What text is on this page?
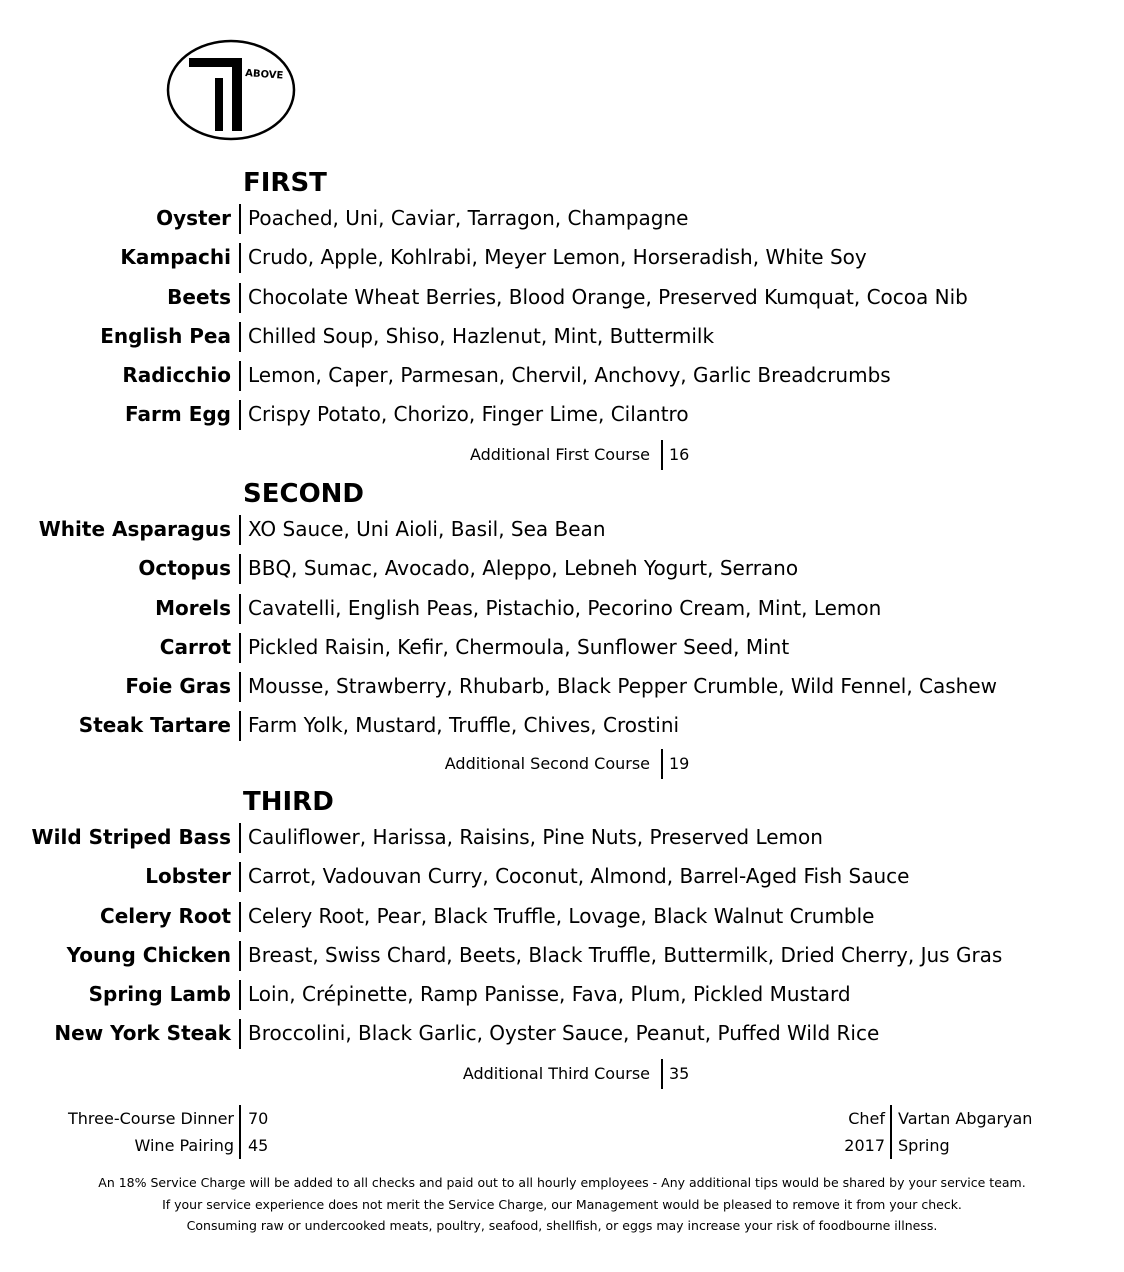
ABOVE
FIRST
Oyster Poached, Uni, Caviar, Tarragon, Champagne
Kampachi Crudo, Apple, Kohlrabi, Meyer Lemon, Horseradish, White Soy
Beets Chocolate Wheat Berries, Blood Orange, Preserved Kumquat, Cocoa Nib
English Pea Chilled Soup, Shiso, Hazlenut, Mint, Buttermilk
Radicchio Lemon, Caper, Parmesan, Chervil, Anchovy, Garlic Breadcrumbs
Farm Egg Crispy Potato, Chorizo, Finger Lime, Cilantro
Additional First Course 16
SECOND
White Asparagus XO Sauce, Uni Aioli, Basil, Sea Bean
Octopus BBQ, Sumac, Avocado, Aleppo, Lebneh Yogurt, Serrano
Morels Cavatelli, English Peas, Pistachio, Pecorino Cream, Mint, Lemon
Carrot Pickled Raisin, Kefir, Chermoula, Sunflower Seed, Mint
Foie Gras Mousse, Strawberry, Rhubarb, Black Pepper Crumble, Wild Fennel, Cashew
Steak Tartare Farm Yolk, Mustard, Truffle, Chives, Crostini
Additional Second Course 19
THIRD
Wild Striped Bass Cauliflower, Harissa, Raisins, Pine Nuts, Preserved Lemon
Lobster Carrot, Vadouvan Curry, Coconut, Almond, Barrel-Aged Fish Sauce
Celery Root Celery Root, Pear, Black Truffle, Lovage, Black Walnut Crumble
Young Chicken Breast, Swiss Chard, Beets, Black Truffle, Buttermilk, Dried Cherry, Jus Gras
Spring Lamb Loin, Crépinette, Ramp Panisse, Fava, Plum, Pickled Mustard
New York Steak Broccolini, Black Garlic, Oyster Sauce, Peanut, Puffed Wild Rice
Additional Third Course 35
Three-Course Dinner 70	Chef Vartan Abgaryan
Wine Pairing 45	2017 Spring

An 18% Service Charge will be added to all checks and paid out to all hourly employees - Any additional tips would be shared by your service team.

If your service experience does not merit the Service Charge, our Management would be pleased to remove it from your check.

Consuming raw or undercooked meats, poultry, seafood, shellfish, or eggs may increase your risk of foodbourne illness.
